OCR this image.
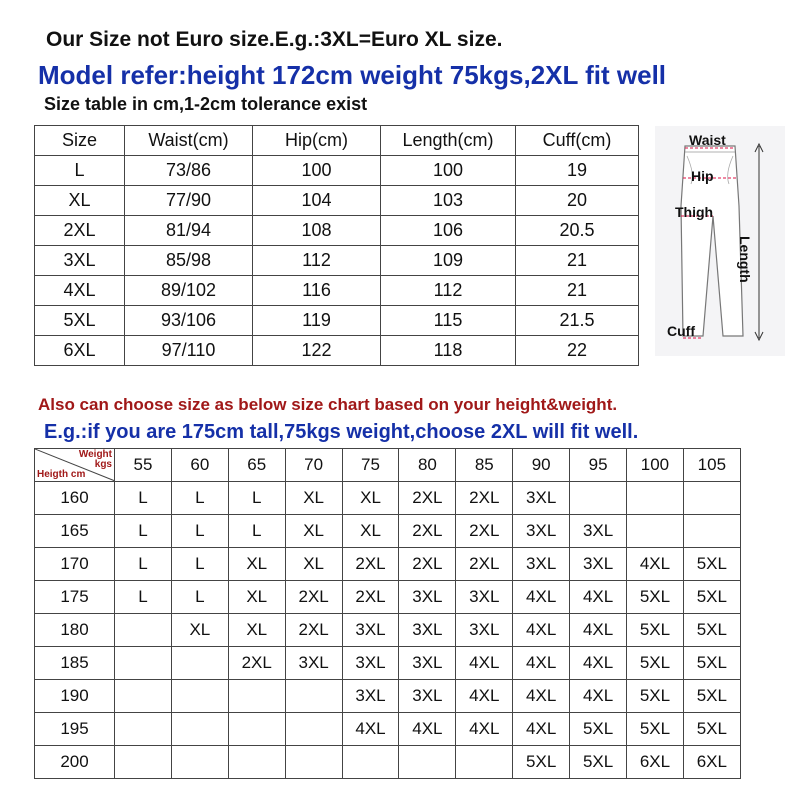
Our Size not Euro size.E.g.:3XL=Euro XL size.
Model refer:height 172cm weight 75kgs,2XL fit well
Size table in cm,1-2cm tolerance exist
Size	Waist(cm)	Hip(cm)	Length(cm)	Cuff(cm)
L	73/86	100	100	19
XL	77/90	104	103	20
2XL	81/94	108	106	20.5
3XL	85/98	112	109	21
4XL	89/102	116	112	21
5XL	93/106	119	115	21.5
6XL	97/110	122	118	22
Waist
Hip
Thigh
Cuff
Length
Also can choose size as below size chart based on your height&weight.
E.g.:if you are 175cm tall,75kgs weight,choose 2XL will fit well.
Weight
kgs
Heigth cm	55	60	65	70	75	80	85	90	95	100	105
160	L	L	L	XL	XL	2XL	2XL	3XL			
165	L	L	L	XL	XL	2XL	2XL	3XL	3XL		
170	L	L	XL	XL	2XL	2XL	2XL	3XL	3XL	4XL	5XL
175	L	L	XL	2XL	2XL	3XL	3XL	4XL	4XL	5XL	5XL
180		XL	XL	2XL	3XL	3XL	3XL	4XL	4XL	5XL	5XL
185			2XL	3XL	3XL	3XL	4XL	4XL	4XL	5XL	5XL
190					3XL	3XL	4XL	4XL	4XL	5XL	5XL
195					4XL	4XL	4XL	4XL	5XL	5XL	5XL
200								5XL	5XL	6XL	6XL
